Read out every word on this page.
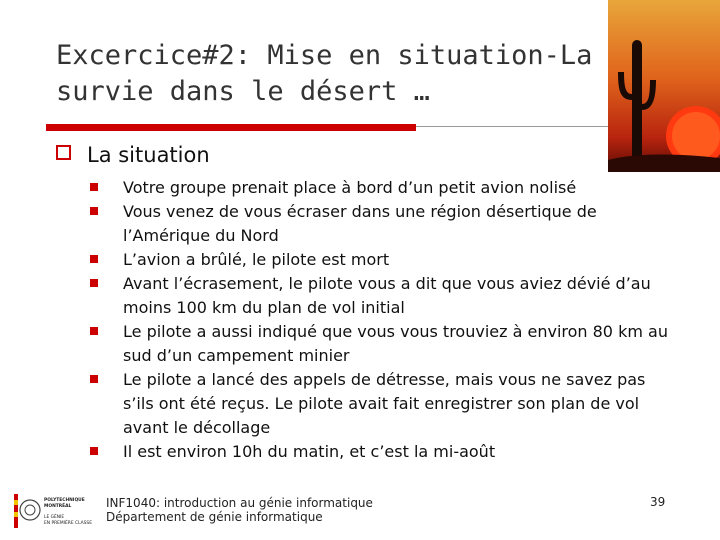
Excercice#2: Mise en situation-La
survie dans le désert …
La situation
Votre groupe prenait place à bord d’un petit avion nolisé
Vous venez de vous écraser dans une région désertique de l’Amérique du Nord
L’avion a brûlé, le pilote est mort
Avant l’écrasement, le pilote vous a dit que vous aviez dévié d’au moins 100 km du plan de vol initial
Le pilote a aussi indiqué que vous vous trouviez à environ 80 km au sud d’un campement minier
Le pilote a lancé des appels de détresse, mais vous ne savez pas s’ils ont été reçus. Le pilote avait fait enregistrer son plan de vol avant le décollage
Il est environ 10h du matin, et c’est la mi-août
POLYTECHNIQUE
MONTRÉAL
LE GÉNIE
EN PREMIÈRE CLASSE
INF1040: introduction au génie informatique
Département de génie informatique
39
